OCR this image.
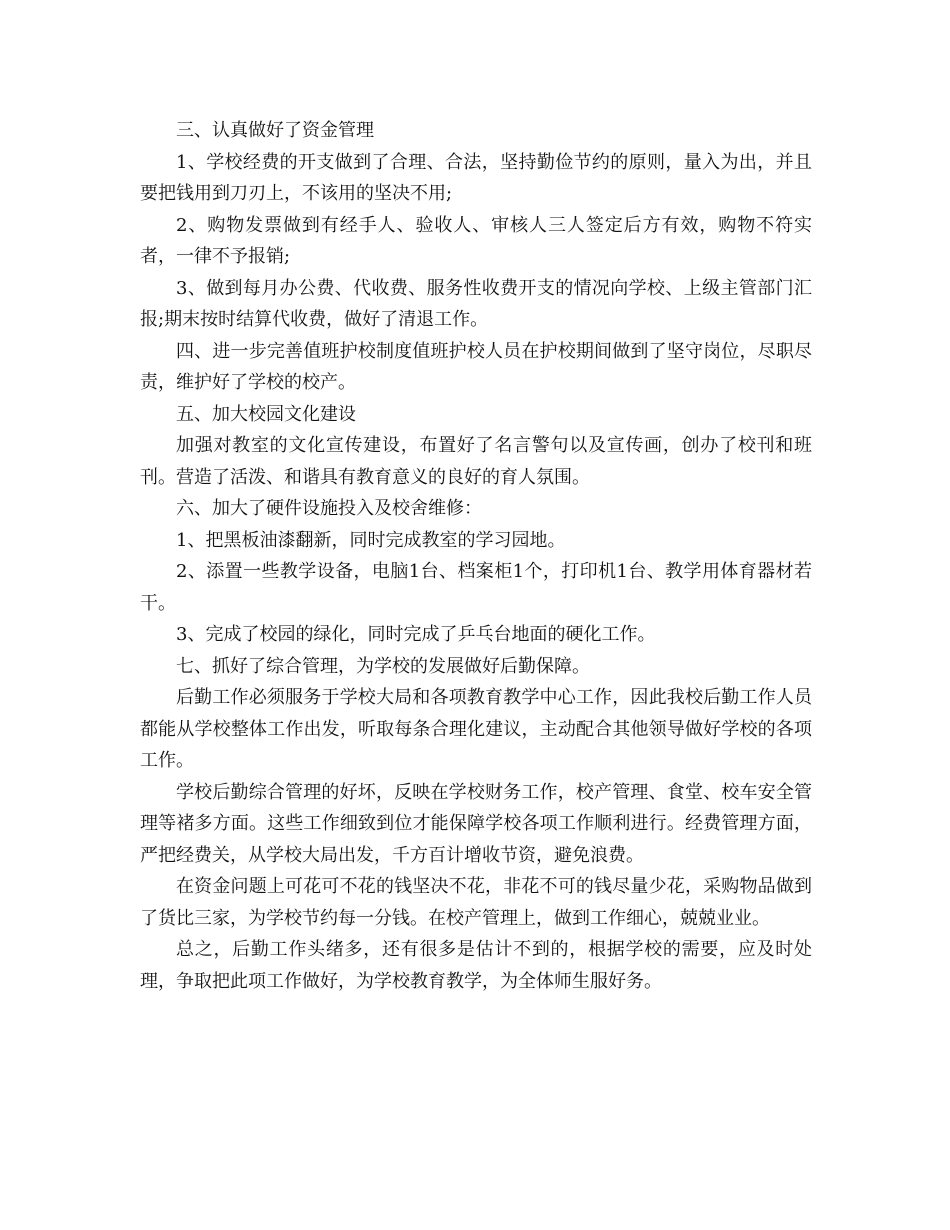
三、认真做好了资金管理

1、学校经费的开支做到了合理、合法，坚持勤俭节约的原则，量入为出，并且要把钱用到刀刃上，不该用的坚决不用;

2、购物发票做到有经手人、验收人、审核人三人签定后方有效，购物不符实者，一律不予报销;

3、做到每月办公费、代收费、服务性收费开支的情况向学校、上级主管部门汇报;期末按时结算代收费，做好了清退工作。

四、进一步完善值班护校制度值班护校人员在护校期间做到了坚守岗位，尽职尽责，维护好了学校的校产。

五、加大校园文化建设

加强对教室的文化宣传建设，布置好了名言警句以及宣传画，创办了校刊和班刊。营造了活泼、和谐具有教育意义的良好的育人氛围。

六、加大了硬件设施投入及校舍维修：

1、把黑板油漆翻新，同时完成教室的学习园地。

2、添置一些教学设备，电脑1台、档案柜1个，打印机1台、教学用体育器材若干。

3、完成了校园的绿化，同时完成了乒乓台地面的硬化工作。

七、抓好了综合管理，为学校的发展做好后勤保障。

后勤工作必须服务于学校大局和各项教育教学中心工作，因此我校后勤工作人员都能从学校整体工作出发，听取每条合理化建议，主动配合其他领导做好学校的各项工作。

学校后勤综合管理的好坏，反映在学校财务工作，校产管理、食堂、校车安全管理等褚多方面。这些工作细致到位才能保障学校各项工作顺利进行。经费管理方面，严把经费关，从学校大局出发，千方百计增收节资，避免浪费。

在资金问题上可花可不花的钱坚决不花，非花不可的钱尽量少花，采购物品做到了货比三家，为学校节约每一分钱。在校产管理上，做到工作细心，兢兢业业。

总之，后勤工作头绪多，还有很多是估计不到的，根据学校的需要，应及时处理，争取把此项工作做好，为学校教育教学，为全体师生服好务。
